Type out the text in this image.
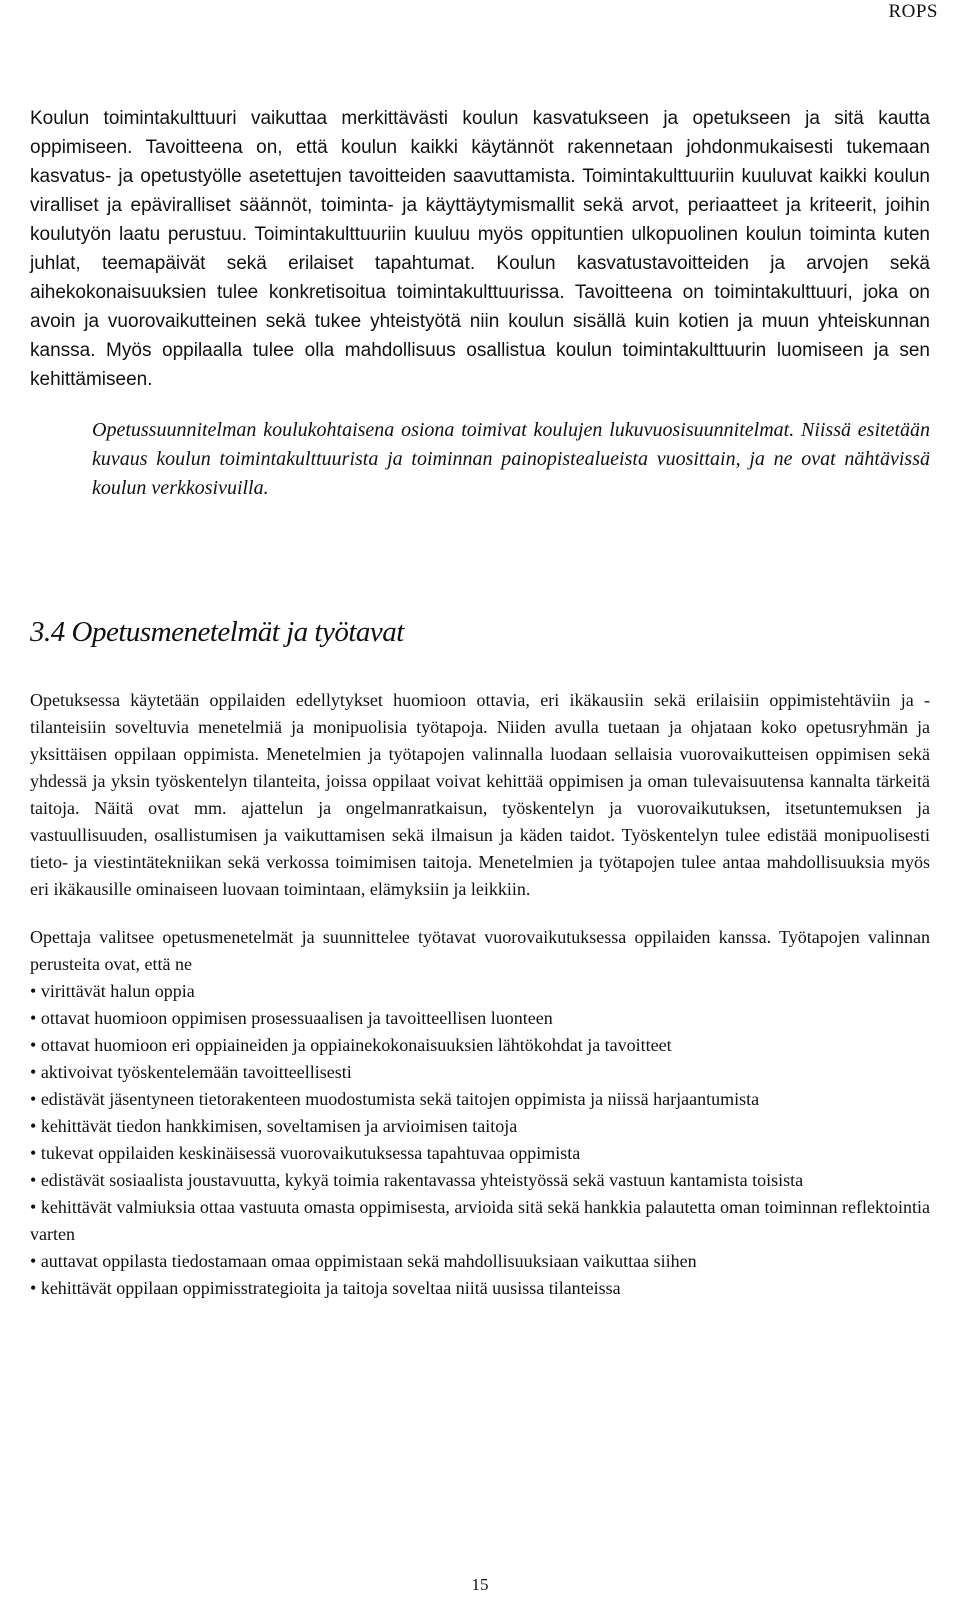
ROPS

Koulun toimintakulttuuri vaikuttaa merkittävästi koulun kasvatukseen ja opetukseen ja sitä kautta oppimiseen. Tavoitteena on, että koulun kaikki käytännöt rakennetaan johdonmukaisesti tukemaan kasvatus- ja opetustyölle asetettujen tavoitteiden saavuttamista. Toimintakulttuuriin kuuluvat kaikki koulun viralliset ja epäviralliset säännöt, toiminta- ja käyttäytymismallit sekä arvot, periaatteet ja kriteerit, joihin koulutyön laatu perustuu. Toimintakulttuuriin kuuluu myös oppituntien ulkopuolinen koulun toiminta kuten juhlat, teemapäivät sekä erilaiset tapahtumat. Koulun kasvatustavoitteiden ja arvojen sekä aihekokonaisuuksien tulee konkretisoitua toimintakulttuurissa. Tavoitteena on toimintakulttuuri, joka on avoin ja vuorovaikutteinen sekä tukee yhteistyötä niin koulun sisällä kuin kotien ja muun yhteiskunnan kanssa. Myös oppilaalla tulee olla mahdollisuus osallistua koulun toimintakulttuurin luomiseen ja sen kehittämiseen.

Opetussuunnitelman koulukohtaisena osiona toimivat koulujen lukuvuosisuunnitelmat. Niissä esitetään kuvaus koulun toimintakulttuurista ja toiminnan painopistealueista vuosittain, ja ne ovat nähtävissä koulun verkkosivuilla.

3.4 Opetusmenetelmät ja työtavat

Opetuksessa käytetään oppilaiden edellytykset huomioon ottavia, eri ikäkausiin sekä erilaisiin oppimistehtäviin ja -tilanteisiin soveltuvia menetelmiä ja monipuolisia työtapoja. Niiden avulla tuetaan ja ohjataan koko opetusryhmän ja yksittäisen oppilaan oppimista. Menetelmien ja työtapojen valinnalla luodaan sellaisia vuorovaikutteisen oppimisen sekä yhdessä ja yksin työskentelyn tilanteita, joissa oppilaat voivat kehittää oppimisen ja oman tulevaisuutensa kannalta tärkeitä taitoja. Näitä ovat mm. ajattelun ja ongelmanratkaisun, työskentelyn ja vuorovaikutuksen, itsetuntemuksen ja vastuullisuuden, osallistumisen ja vaikuttamisen sekä ilmaisun ja käden taidot. Työskentelyn tulee edistää monipuolisesti tieto- ja viestintätekniikan sekä verkossa toimimisen taitoja. Menetelmien ja työtapojen tulee antaa mahdollisuuksia myös eri ikäkausille ominaiseen luovaan toimintaan, elämyksiin ja leikkiin.

Opettaja valitsee opetusmenetelmät ja suunnittelee työtavat vuorovaikutuksessa oppilaiden kanssa. Työtapojen valinnan perusteita ovat, että ne

• virittävät halun oppia
• ottavat huomioon oppimisen prosessuaalisen ja tavoitteellisen luonteen
• ottavat huomioon eri oppiaineiden ja oppiainekokonaisuuksien lähtökohdat ja tavoitteet
• aktivoivat työskentelemään tavoitteellisesti
• edistävät jäsentyneen tietorakenteen muodostumista sekä taitojen oppimista ja niissä harjaantumista
• kehittävät tiedon hankkimisen, soveltamisen ja arvioimisen taitoja
• tukevat oppilaiden keskinäisessä vuorovaikutuksessa tapahtuvaa oppimista
• edistävät sosiaalista joustavuutta, kykyä toimia rakentavassa yhteistyössä sekä vastuun kantamista toisista
• kehittävät valmiuksia ottaa vastuuta omasta oppimisesta, arvioida sitä sekä hankkia palautetta oman toiminnan reflektointia varten
• auttavat oppilasta tiedostamaan omaa oppimistaan sekä mahdollisuuksiaan vaikuttaa siihen
• kehittävät oppilaan oppimisstrategioita ja taitoja soveltaa niitä uusissa tilanteissa
15
